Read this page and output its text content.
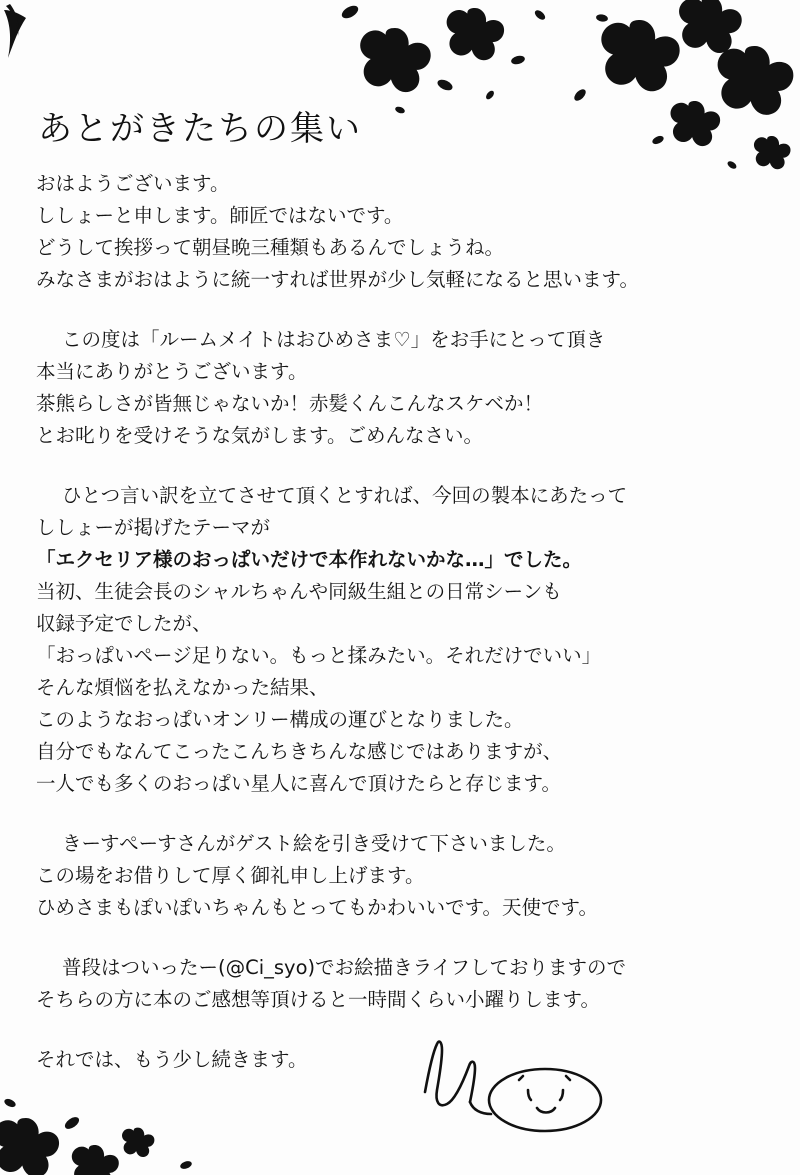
あとがきたちの集い

おはようございます。
ししょーと申します。師匠ではないです。
どうして挨拶って朝昼晩三種類もあるんでしょうね。
みなさまがおはように統一すれば世界が少し気軽になると思います。

この度は「ルームメイトはおひめさま♡」をお手にとって頂き
本当にありがとうございます。
茶熊らしさが皆無じゃないか！赤髪くんこんなスケベか！
とお叱りを受けそうな気がします。ごめんなさい。

ひとつ言い訳を立てさせて頂くとすれば、今回の製本にあたって
ししょーが掲げたテーマが
「エクセリア様のおっぱいだけで本作れないかな…」でした。
当初、生徒会長のシャルちゃんや同級生組との日常シーンも
収録予定でしたが、
「おっぱいページ足りない。もっと揉みたい。それだけでいい」
そんな煩悩を払えなかった結果、
このようなおっぱいオンリー構成の運びとなりました。
自分でもなんてこったこんちきちんな感じではありますが、
一人でも多くのおっぱい星人に喜んで頂けたらと存じます。

きーすぺーすさんがゲスト絵を引き受けて下さいました。
この場をお借りして厚く御礼申し上げます。
ひめさまもぽいぽいちゃんもとってもかわいいです。天使です。

普段はついったー(@Ci_syo)でお絵描きライフしておりますので
そちらの方に本のご感想等頂けると一時間くらい小躍りします。

それでは、もう少し続きます。
